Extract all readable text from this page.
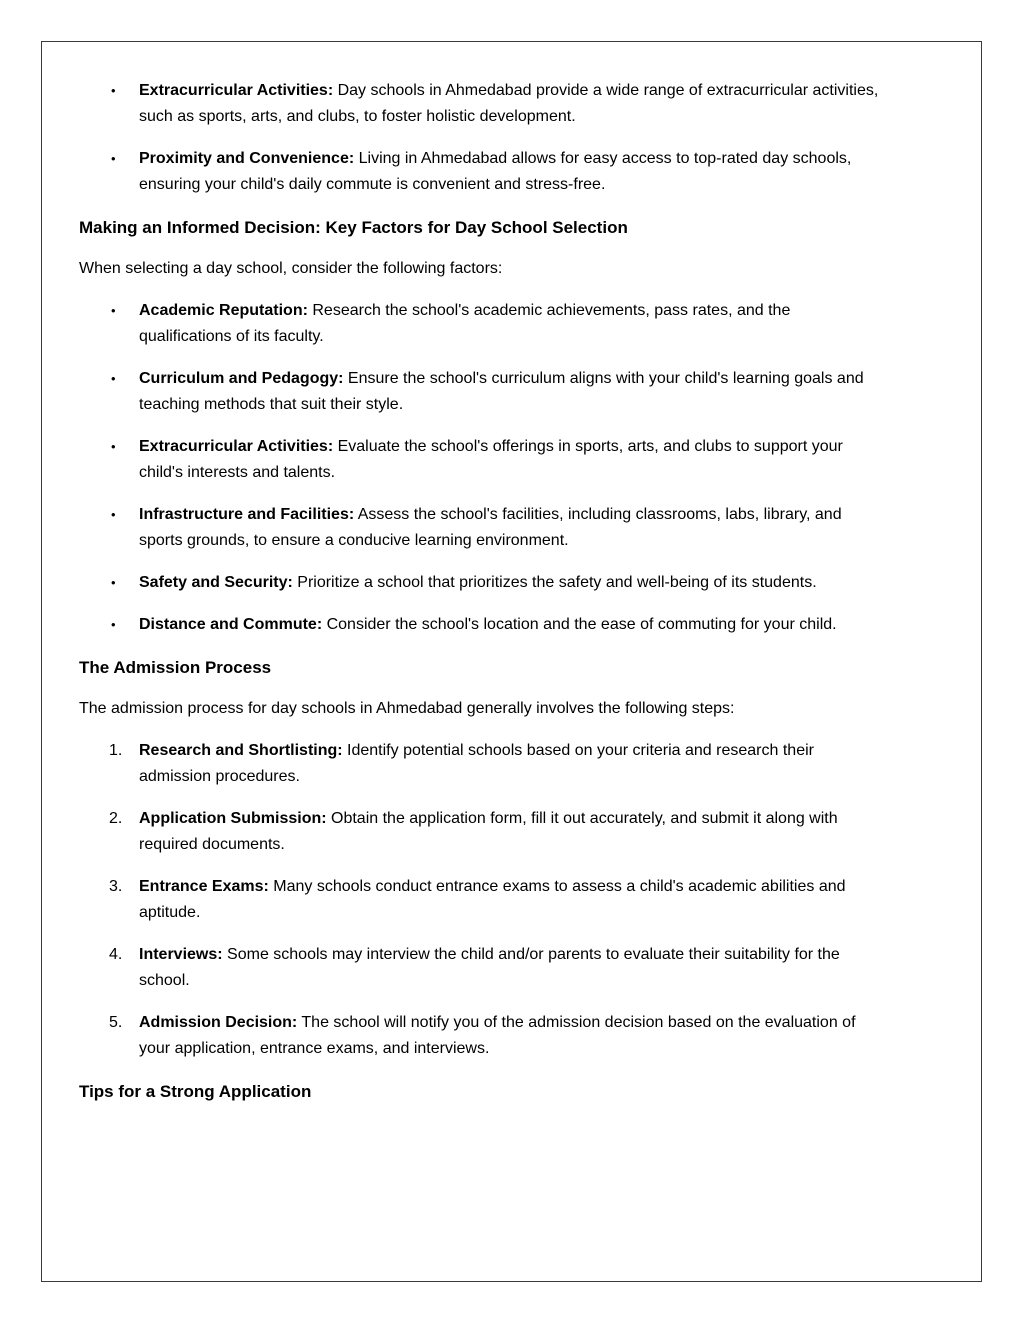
•	Extracurricular Activities: Day schools in Ahmedabad provide a wide range of extracurricular activities, such as sports, arts, and clubs, to foster holistic development.
•	Proximity and Convenience: Living in Ahmedabad allows for easy access to top-rated day schools, ensuring your child's daily commute is convenient and stress-free.
Making an Informed Decision: Key Factors for Day School Selection

When selecting a day school, consider the following factors:

•	Academic Reputation: Research the school's academic achievements, pass rates, and the qualifications of its faculty.
•	Curriculum and Pedagogy: Ensure the school's curriculum aligns with your child's learning goals and teaching methods that suit their style.
•	Extracurricular Activities: Evaluate the school's offerings in sports, arts, and clubs to support your child's interests and talents.
•	Infrastructure and Facilities: Assess the school's facilities, including classrooms, labs, library, and sports grounds, to ensure a conducive learning environment.
•	Safety and Security: Prioritize a school that prioritizes the safety and well-being of its students.
•	Distance and Commute: Consider the school's location and the ease of commuting for your child.
The Admission Process

The admission process for day schools in Ahmedabad generally involves the following steps:

1.	Research and Shortlisting: Identify potential schools based on your criteria and research their admission procedures.
2.	Application Submission: Obtain the application form, fill it out accurately, and submit it along with required documents.
3.	Entrance Exams: Many schools conduct entrance exams to assess a child's academic abilities and aptitude.
4.	Interviews: Some schools may interview the child and/or parents to evaluate their suitability for the school.
5.	Admission Decision: The school will notify you of the admission decision based on the evaluation of your application, entrance exams, and interviews.
Tips for a Strong Application
